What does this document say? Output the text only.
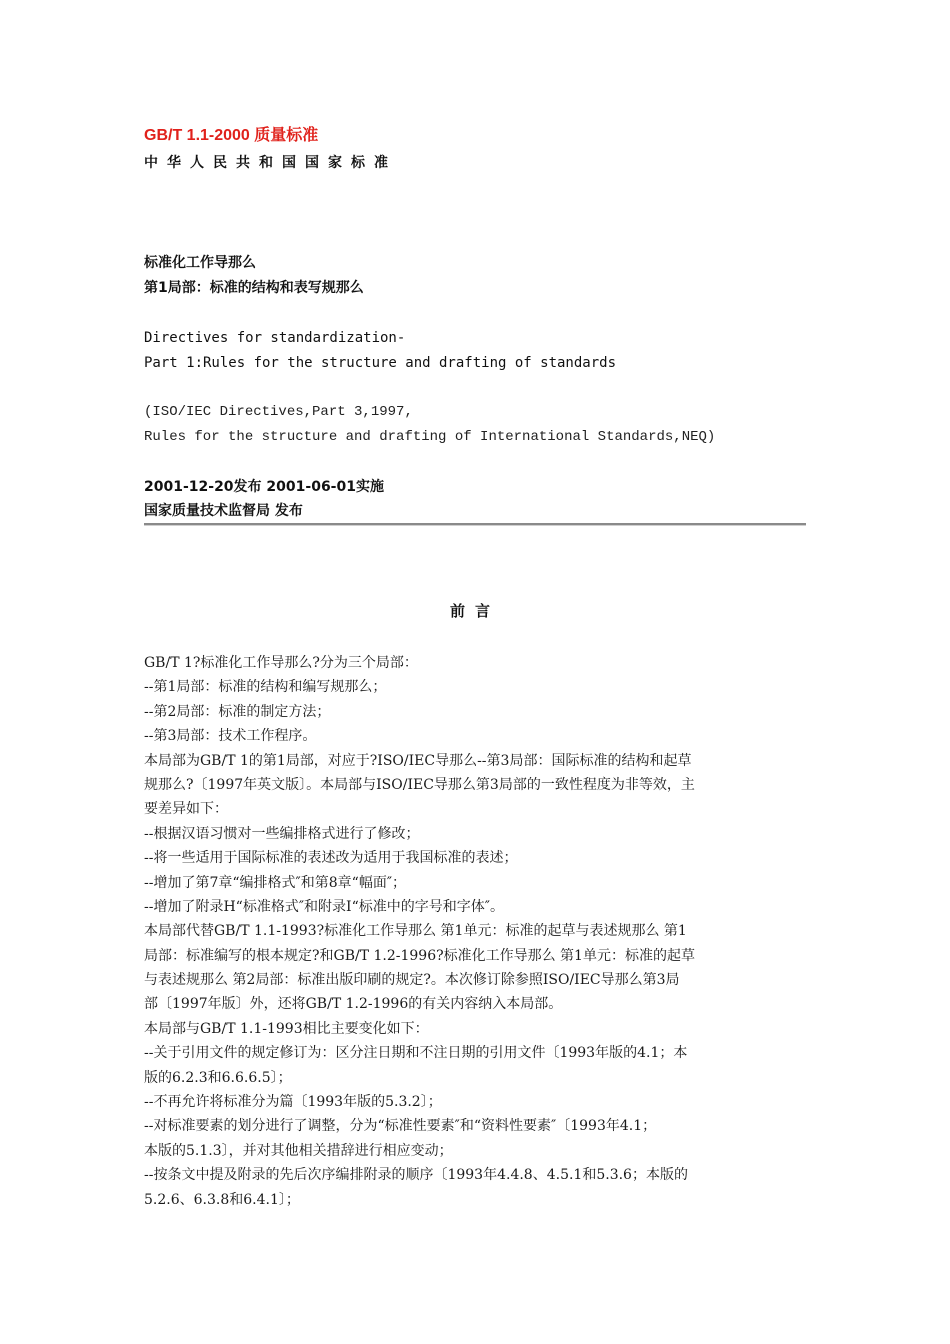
GB/T 1.1-2000 质量标准
中华人民共和国国家标准
标准化工作导那么
第1局部：标准的结构和表写规那么
Directives for standardization-
Part 1:Rules for the structure and drafting of standards
(ISO/IEC Directives,Part 3,1997,
Rules for the structure and drafting of International Standards,NEQ)
2001-12-20发布 2001-06-01实施
国家质量技术监督局 发布
前言
GB/T 1?标准化工作导那么?分为三个局部：
--第1局部：标准的结构和编写规那么；
--第2局部：标准的制定方法；
--第3局部：技术工作程序。
本局部为GB/T 1的第1局部，对应于?ISO/IEC导那么--第3局部：国际标准的结构和起草
规那么?〔1997年英文版〕。本局部与ISO/IEC导那么第3局部的一致性程度为非等效，主
要差异如下：
--根据汉语习惯对一些编排格式进行了修改；
--将一些适用于国际标准的表述改为适用于我国标准的表述；
--增加了第7章“编排格式″和第8章“幅面″；
--增加了附录H“标准格式″和附录I“标准中的字号和字体″。
本局部代替GB/T 1.1-1993?标准化工作导那么 第1单元：标准的起草与表述规那么 第1
局部：标准编写的根本规定?和GB/T 1.2-1996?标准化工作导那么 第1单元：标准的起草
与表述规那么 第2局部：标准出版印刷的规定?。本次修订除参照ISO/IEC导那么第3局
部〔1997年版〕外，还将GB/T 1.2-1996的有关内容纳入本局部。
本局部与GB/T 1.1-1993相比主要变化如下：
--关于引用文件的规定修订为：区分注日期和不注日期的引用文件〔1993年版的4.1；本
版的6.2.3和6.6.6.5〕；
--不再允许将标准分为篇〔1993年版的5.3.2〕；
--对标准要素的划分进行了调整，分为“标准性要素″和“资料性要素″〔1993年4.1；
本版的5.1.3〕，并对其他相关措辞进行相应变动；
--按条文中提及附录的先后次序编排附录的顺序〔1993年4.4.8、4.5.1和5.3.6；本版的
5.2.6、6.3.8和6.4.1〕；
